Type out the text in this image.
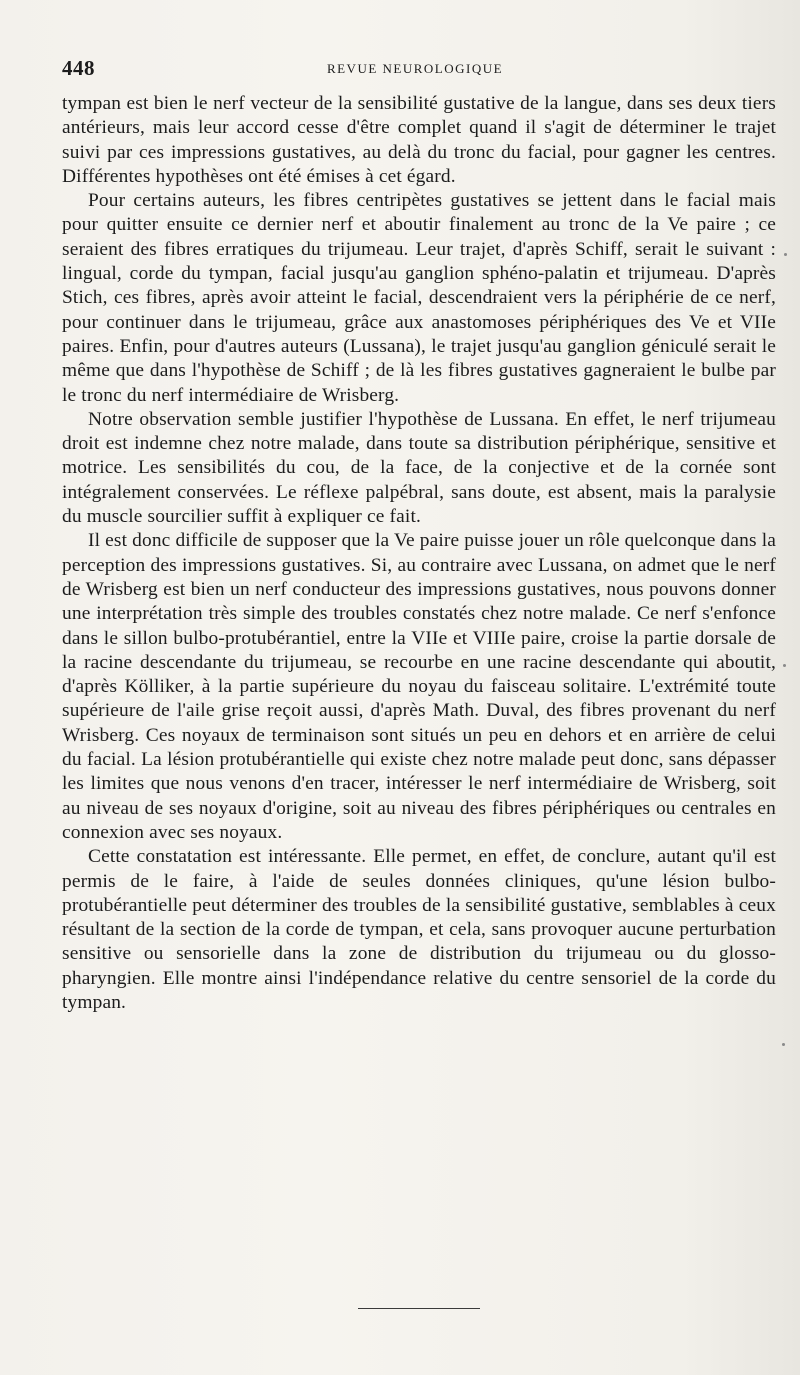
448	REVUE NEUROLOGIQUE

tympan est bien le nerf vecteur de la sensibilité gustative de la langue, dans ses deux tiers antérieurs, mais leur accord cesse d'être complet quand il s'agit de déterminer le trajet suivi par ces impressions gustatives, au delà du tronc du facial, pour gagner les centres. Différentes hypothèses ont été émises à cet égard.

Pour certains auteurs, les fibres centripètes gustatives se jettent dans le facial mais pour quitter ensuite ce dernier nerf et aboutir finalement au tronc de la Ve paire ; ce seraient des fibres erratiques du trijumeau. Leur trajet, d'après Schiff, serait le suivant : lingual, corde du tympan, facial jusqu'au ganglion sphéno-palatin et trijumeau. D'après Stich, ces fibres, après avoir atteint le facial, descendraient vers la périphérie de ce nerf, pour continuer dans le trijumeau, grâce aux anastomoses périphériques des Ve et VIIe paires. Enfin, pour d'autres auteurs (Lussana), le trajet jusqu'au ganglion géniculé serait le même que dans l'hypothèse de Schiff ; de là les fibres gustatives gagneraient le bulbe par le tronc du nerf intermédiaire de Wrisberg.

Notre observation semble justifier l'hypothèse de Lussana. En effet, le nerf trijumeau droit est indemne chez notre malade, dans toute sa distribution périphérique, sensitive et motrice. Les sensibilités du cou, de la face, de la conjective et de la cornée sont intégralement conservées. Le réflexe palpébral, sans doute, est absent, mais la paralysie du muscle sourcilier suffit à expliquer ce fait.

Il est donc difficile de supposer que la Ve paire puisse jouer un rôle quelconque dans la perception des impressions gustatives. Si, au contraire avec Lussana, on admet que le nerf de Wrisberg est bien un nerf conducteur des impressions gustatives, nous pouvons donner une interprétation très simple des troubles constatés chez notre malade. Ce nerf s'enfonce dans le sillon bulbo-protubérantiel, entre la VIIe et VIIIe paire, croise la partie dorsale de la racine descendante du trijumeau, se recourbe en une racine descendante qui aboutit, d'après Kölliker, à la partie supérieure du noyau du faisceau solitaire. L'extrémité toute supérieure de l'aile grise reçoit aussi, d'après Math. Duval, des fibres provenant du nerf Wrisberg. Ces noyaux de terminaison sont situés un peu en dehors et en arrière de celui du facial. La lésion protubérantielle qui existe chez notre malade peut donc, sans dépasser les limites que nous venons d'en tracer, intéresser le nerf intermédiaire de Wrisberg, soit au niveau de ses noyaux d'origine, soit au niveau des fibres périphériques ou centrales en connexion avec ses noyaux.

Cette constatation est intéressante. Elle permet, en effet, de conclure, autant qu'il est permis de le faire, à l'aide de seules données cliniques, qu'une lésion bulbo-protubérantielle peut déterminer des troubles de la sensibilité gustative, semblables à ceux résultant de la section de la corde de tympan, et cela, sans provoquer aucune perturbation sensitive ou sensorielle dans la zone de distribution du trijumeau ou du glosso-pharyngien. Elle montre ainsi l'indépendance relative du centre sensoriel de la corde du tympan.
